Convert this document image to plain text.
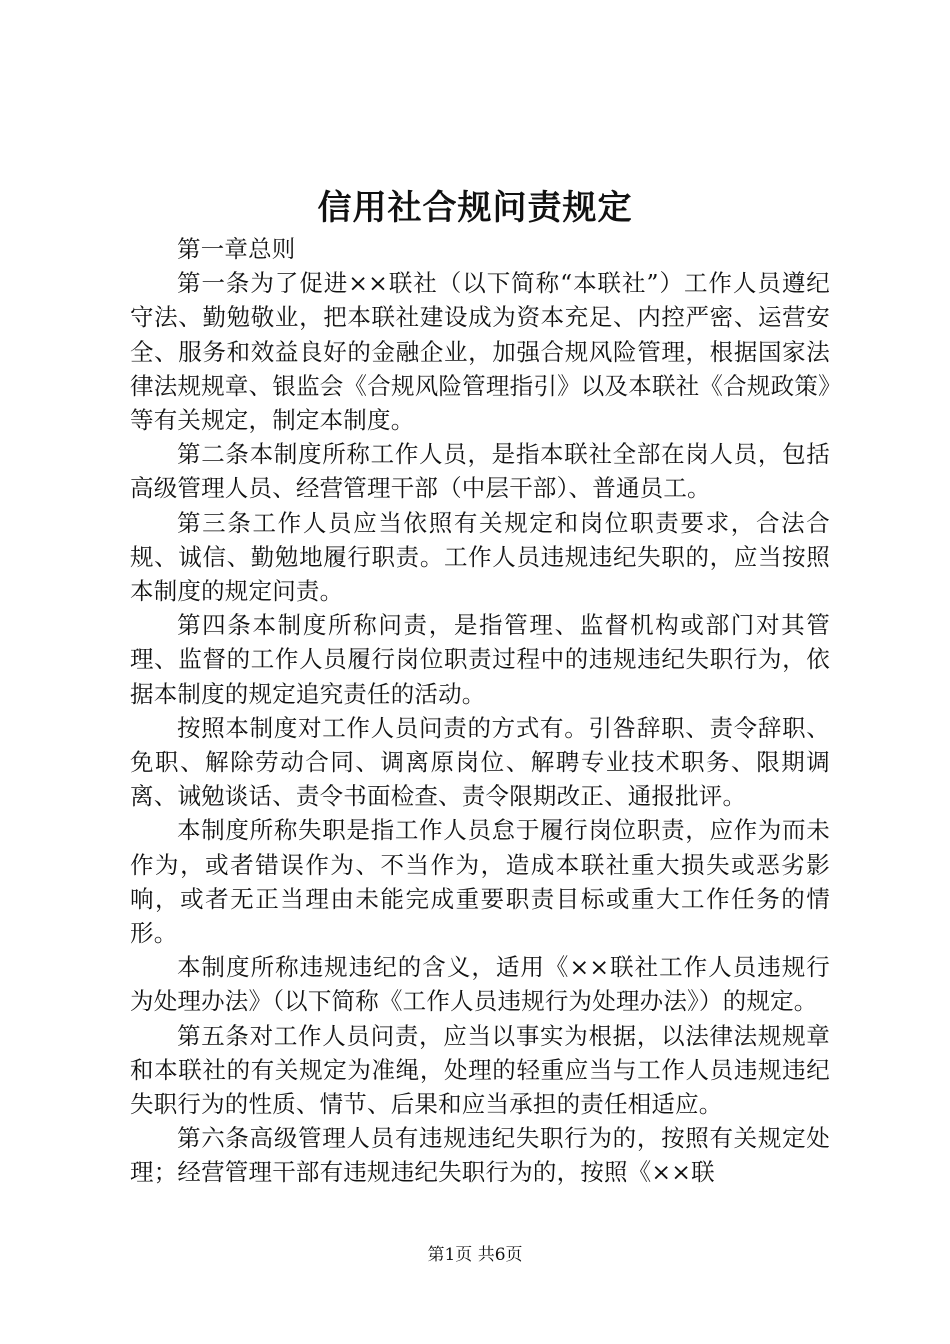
信用社合规问责规定

第一章总则

第一条为了促进××联社（以下简称“本联社”）工作人员遵纪守法、勤勉敬业，把本联社建设成为资本充足、内控严密、运营安全、服务和效益良好的金融企业，加强合规风险管理，根据国家法律法规规章、银监会《合规风险管理指引》以及本联社《合规政策》等有关规定，制定本制度。

第二条本制度所称工作人员，是指本联社全部在岗人员，包括高级管理人员、经营管理干部（中层干部）、普通员工。

第三条工作人员应当依照有关规定和岗位职责要求，合法合规、诚信、勤勉地履行职责。工作人员违规违纪失职的，应当按照本制度的规定问责。

第四条本制度所称问责，是指管理、监督机构或部门对其管理、监督的工作人员履行岗位职责过程中的违规违纪失职行为，依据本制度的规定追究责任的活动。

按照本制度对工作人员问责的方式有。引咎辞职、责令辞职、免职、解除劳动合同、调离原岗位、解聘专业技术职务、限期调离、诫勉谈话、责令书面检查、责令限期改正、通报批评。

本制度所称失职是指工作人员怠于履行岗位职责，应作为而未作为，或者错误作为、不当作为，造成本联社重大损失或恶劣影响，或者无正当理由未能完成重要职责目标或重大工作任务的情形。

本制度所称违规违纪的含义，适用《××联社工作人员违规行为处理办法》（以下简称《工作人员违规行为处理办法》）的规定。

第五条对工作人员问责，应当以事实为根据，以法律法规规章和本联社的有关规定为准绳，处理的轻重应当与工作人员违规违纪失职行为的性质、情节、后果和应当承担的责任相适应。

第六条高级管理人员有违规违纪失职行为的，按照有关规定处理；经营管理干部有违规违纪失职行为的，按照《××联

第1页 共6页
